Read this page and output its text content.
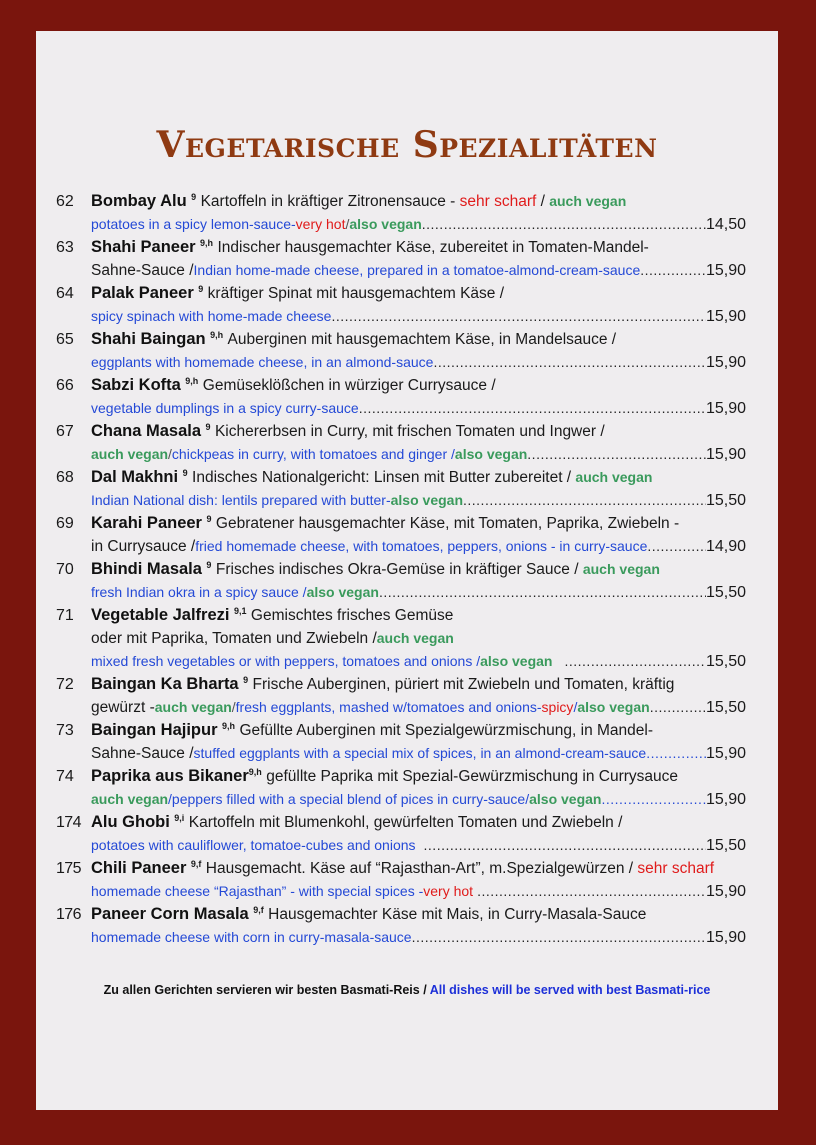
Vegetarische Spezialitäten
62	Bombay Alu $^9$ Kartoffeln in kräftiger Zitronensauce - sehr scharf / auch vegan
potatoes in a spicy lemon-sauce- very hot / also vegan .....	14,50
63	Shahi Paneer $^{9,h}$ Indischer hausgemachter Käse, zubereitet in Tomaten-Mandel-
Sahne-Sauce / Indian home-made cheese, prepared in a tomatoe-almond-cream-sauce .....	15,90
64	Palak Paneer $^9$ kräftiger Spinat mit hausgemachtem Käse /
spicy spinach with home-made cheese .....	15,90
65	Shahi Baingan $^{9,h}$ Auberginen mit hausgemachtem Käse, in Mandelsauce /
eggplants with homemade cheese, in an almond-sauce .....	15,90
66	Sabzi Kofta $^{9,h}$ Gemüseklößchen in würziger Currysauce /
vegetable dumplings in a spicy curry-sauce .....	15,90
67	Chana Masala $^9$ Kichererbsen in Curry, mit frischen Tomaten und Ingwer /
auch vegan / chickpeas in curry, with tomatoes and ginger / also vegan .....	15,90
68	Dal Makhni $^9$ Indisches Nationalgericht: Linsen mit Butter zubereitet / auch vegan
Indian National dish: lentils prepared with butter- also vegan .....	15,50
69	Karahi Paneer $^9$ Gebratener hausgemachter Käse, mit Tomaten, Paprika, Zwiebeln -
in Currysauce / fried homemade cheese, with tomatoes, peppers, onions - in curry-sauce .....	14,90
70	Bhindi Masala $^9$ Frisches indisches Okra-Gemüse in kräftiger Sauce / auch vegan
fresh Indian okra in a spicy sauce / also vegan .....	15,50
71	Vegetable Jalfrezi $^{9,1}$ Gemischtes frisches Gemüse
oder mit Paprika, Tomaten und Zwiebeln / auch vegan
mixed fresh vegetables or with peppers, tomatoes and onions / also vegan .....	15,50
72	Baingan Ka Bharta $^9$ Frische Auberginen, püriert mit Zwiebeln und Tomaten, kräftig
gewürzt - auch vegan / fresh eggplants, mashed w/tomatoes and onions- spicy / also vegan .....	15,50
73	Baingan Hajipur $^{9,h}$ Gefüllte Auberginen mit Spezialgewürzmischung, in Mandel-
Sahne-Sauce / stuffed eggplants with a special mix of spices, in an almond-cream-sauce .....	15,90
74	Paprika aus Bikaner$^{9,h}$ gefüllte Paprika mit Spezial-Gewürzmischung in Currysauce
auch vegan / peppers filled with a special blend of pices in curry-sauce/ also vegan .....	15,90
174 Alu Ghobi $^{9,i}$ Kartoffeln mit Blumenkohl, gewürfelten Tomaten und Zwiebeln /
potatoes with cauliflower, tomatoe-cubes and onions .....	15,50
175 Chili Paneer $^{9,f}$ Hausgemacht. Käse auf “Rajasthan-Art”, m.Spezialgewürzen / sehr scharf
homemade cheese “Rajasthan” - with special spices - very hot .....	15,90
176 Paneer Corn Masala $^{9,f}$ Hausgemachter Käse mit Mais, in Curry-Masala-Sauce
homemade cheese with corn in curry-masala-sauce .....	15,90
Zu allen Gerichten servieren wir besten Basmati-Reis / All dishes will be served with best Basmati-rice
